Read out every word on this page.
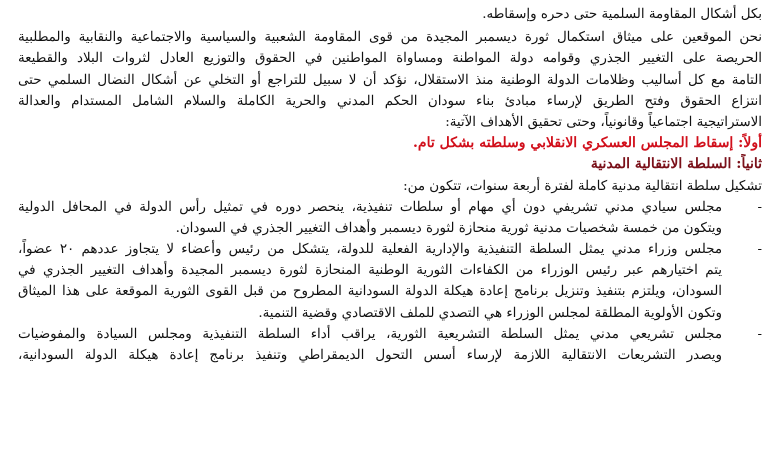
بكل أشكال المقاومة السلمية حتى دحره وإسقاطه.

نحن الموقعين على ميثاق استكمال ثورة ديسمبر المجيدة من قوى المقاومة الشعبية والسياسية والاجتماعية والنقابية والمطلبية

الحريصة على التغيير الجذري وقوامه دولة المواطنة ومساواة المواطنين في الحقوق والتوزيع العادل لثروات البلاد والقطيعة

التامة مع كل أساليب وظلامات الدولة الوطنية منذ الاستقلال، نؤكد أن لا سبيل للتراجع أو التخلي عن أشكال النضال السلمي حتى

انتزاع الحقوق وفتح الطريق لإرساء مبادئ بناء سودان الحكم المدني والحرية الكاملة والسلام الشامل المستدام والعدالة

الاستراتيجية اجتماعياً وقانونياً، وحتى تحقيق الأهداف الآتية:

أولاً: إسقاط المجلس العسكري الانقلابي وسلطته بشكل تام.

ثانياً: السلطة الانتقالية المدنية

تشكيل سلطة انتقالية مدنية كاملة لفترة أربعة سنوات، تتكون من:

-

مجلس سيادي مدني تشريفي دون أي مهام أو سلطات تنفيذية، ينحصر دوره في تمثيل رأس الدولة في المحافل الدولية

ويتكون من خمسة شخصيات مدنية ثورية منحازة لثورة ديسمبر وأهداف التغيير الجذري في السودان.

-

مجلس وزراء مدني يمثل السلطة التنفيذية والإدارية الفعلية للدولة، يتشكل من رئيس وأعضاء لا يتجاوز عددهم ٢٠ عضواً،

يتم اختيارهم عبر رئيس الوزراء من الكفاءات الثورية الوطنية المنحازة لثورة ديسمبر المجيدة وأهداف التغيير الجذري في

السودان، ويلتزم بتنفيذ وتنزيل برنامج إعادة هيكلة الدولة السودانية المطروح من قبل القوى الثورية الموقعة على هذا الميثاق

وتكون الأولوية المطلقة لمجلس الوزراء هي التصدي للملف الاقتصادي وقضية التنمية.

-

مجلس تشريعي مدني يمثل السلطة التشريعية الثورية، يراقب أداء السلطة التنفيذية ومجلس السيادة والمفوضيات

ويصدر التشريعات الانتقالية اللازمة لإرساء أسس التحول الديمقراطي وتنفيذ برنامج إعادة هيكلة الدولة السودانية،
